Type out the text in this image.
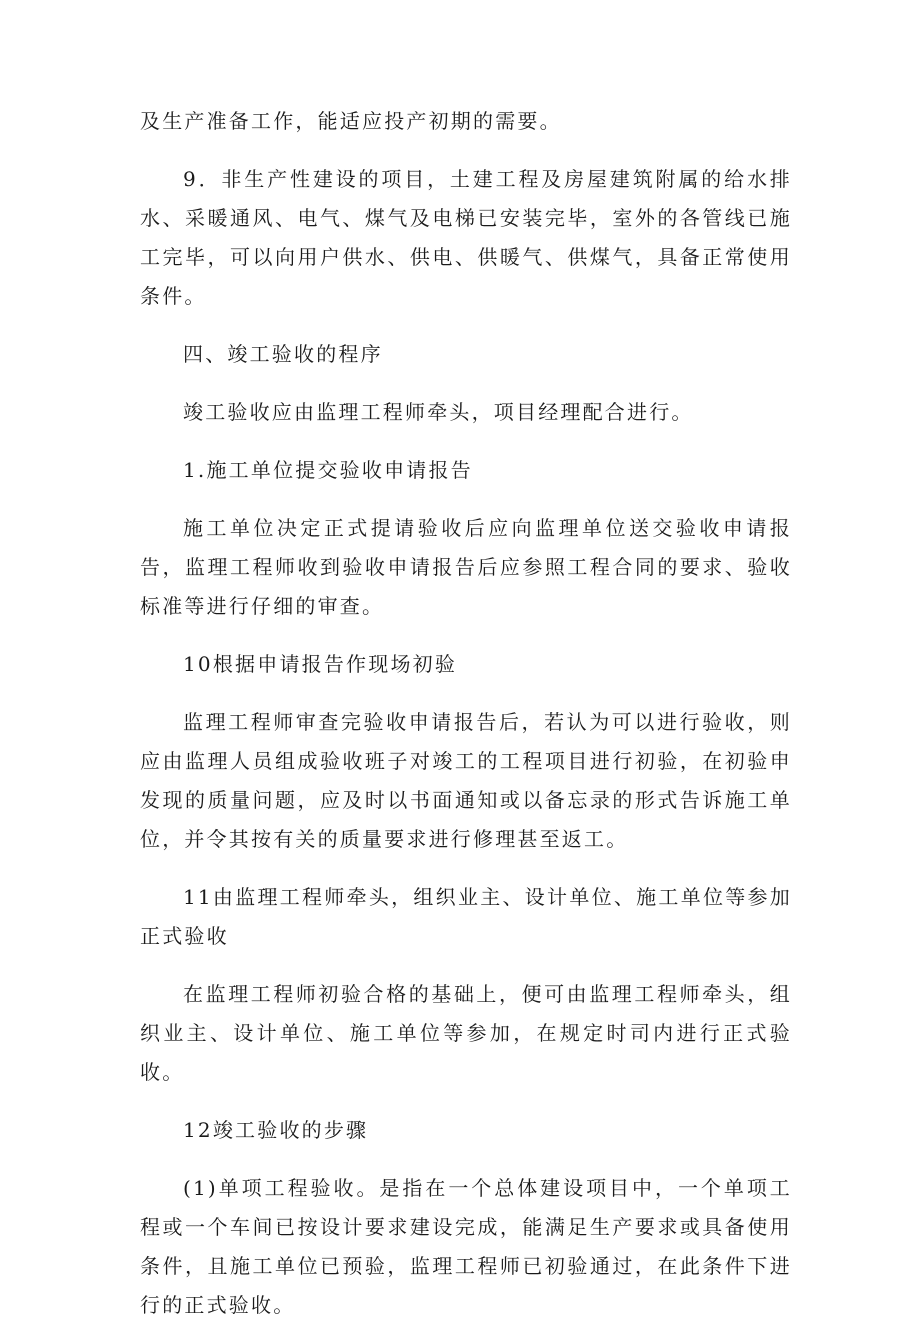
及生产准备工作，能适应投产初期的需要。

9．非生产性建设的项目，土建工程及房屋建筑附属的给水排水、采暖通风、电气、煤气及电梯已安装完毕，室外的各管线已施工完毕，可以向用户供水、供电、供暖气、供煤气，具备正常使用条件。

四、竣工验收的程序

竣工验收应由监理工程师牵头，项目经理配合进行。

1.施工单位提交验收申请报告

施工单位决定正式提请验收后应向监理单位送交验收申请报告，监理工程师收到验收申请报告后应参照工程合同的要求、验收标准等进行仔细的审查。

10根据申请报告作现场初验

监理工程师审查完验收申请报告后，若认为可以进行验收，则应由监理人员组成验收班子对竣工的工程项目进行初验，在初验申发现的质量问题，应及时以书面通知或以备忘录的形式告诉施工单位，并令其按有关的质量要求进行修理甚至返工。

11由监理工程师牵头，组织业主、设计单位、施工单位等参加正式验收

在监理工程师初验合格的基础上，便可由监理工程师牵头，组织业主、设计单位、施工单位等参加，在规定时司内进行正式验收。

12竣工验收的步骤

(1)单项工程验收。是指在一个总体建设项目中，一个单项工程或一个车间已按设计要求建设完成，能满足生产要求或具备使用条件，且施工单位已预验，监理工程师已初验通过，在此条件下进行的正式验收。
